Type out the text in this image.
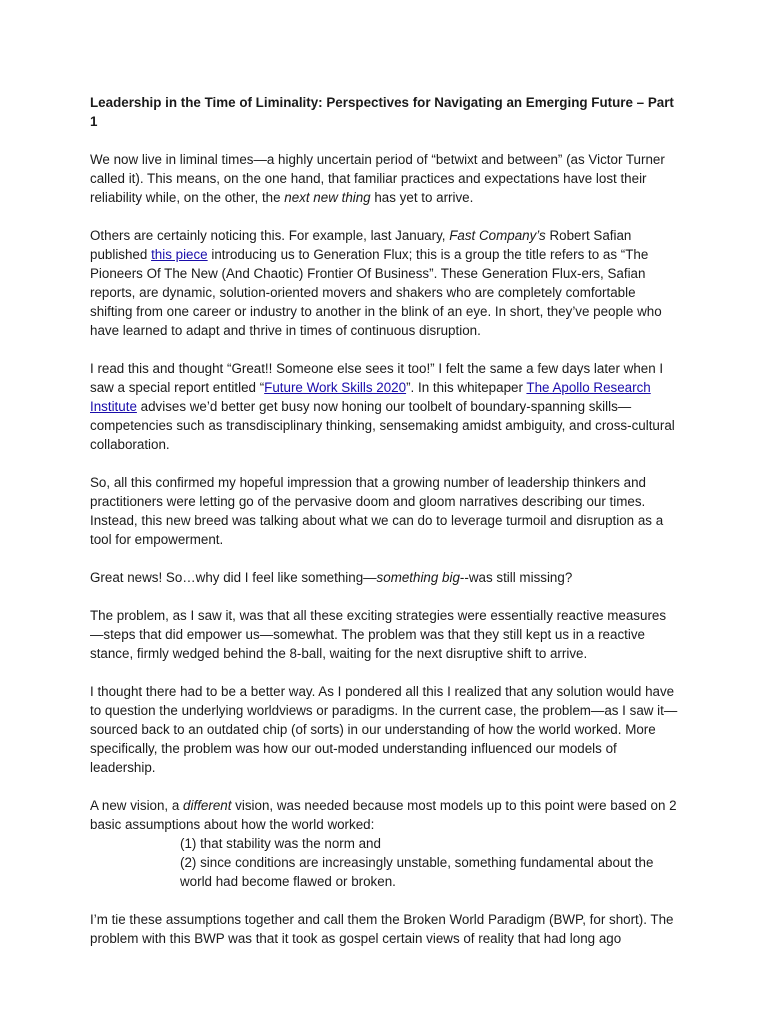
Leadership in the Time of Liminality: Perspectives for Navigating an Emerging Future – Part 1

We now live in liminal times—a highly uncertain period of “betwixt and between” (as Victor Turner called it). This means, on the one hand, that familiar practices and expectations have lost their reliability while, on the other, the next new thing has yet to arrive.

Others are certainly noticing this. For example, last January, Fast Company’s Robert Safian published this piece introducing us to Generation Flux; this is a group the title refers to as “The Pioneers Of The New (And Chaotic) Frontier Of Business”. These Generation Flux-ers, Safian reports, are dynamic, solution-oriented movers and shakers who are completely comfortable shifting from one career or industry to another in the blink of an eye. In short, they’ve people who have learned to adapt and thrive in times of continuous disruption.

I read this and thought “Great!! Someone else sees it too!” I felt the same a few days later when I saw a special report entitled “Future Work Skills 2020”. In this whitepaper The Apollo Research Institute advises we’d better get busy now honing our toolbelt of boundary-spanning skills—competencies such as transdisciplinary thinking, sensemaking amidst ambiguity, and cross-cultural collaboration.

So, all this confirmed my hopeful impression that a growing number of leadership thinkers and practitioners were letting go of the pervasive doom and gloom narratives describing our times. Instead, this new breed was talking about what we can do to leverage turmoil and disruption as a tool for empowerment.

Great news! So…why did I feel like something—something big--was still missing?

The problem, as I saw it, was that all these exciting strategies were essentially reactive measures—steps that did empower us—somewhat. The problem was that they still kept us in a reactive stance, firmly wedged behind the 8-ball, waiting for the next disruptive shift to arrive.

I thought there had to be a better way. As I pondered all this I realized that any solution would have to question the underlying worldviews or paradigms. In the current case, the problem—as I saw it—sourced back to an outdated chip (of sorts) in our understanding of how the world worked. More specifically, the problem was how our out-moded understanding influenced our models of leadership.

A new vision, a different vision, was needed because most models up to this point were based on 2 basic assumptions about how the world worked:

(1) that stability was the norm and
(2) since conditions are increasingly unstable, something fundamental about the world had become flawed or broken.

I’m tie these assumptions together and call them the Broken World Paradigm (BWP, for short). The problem with this BWP was that it took as gospel certain views of reality that had long ago
